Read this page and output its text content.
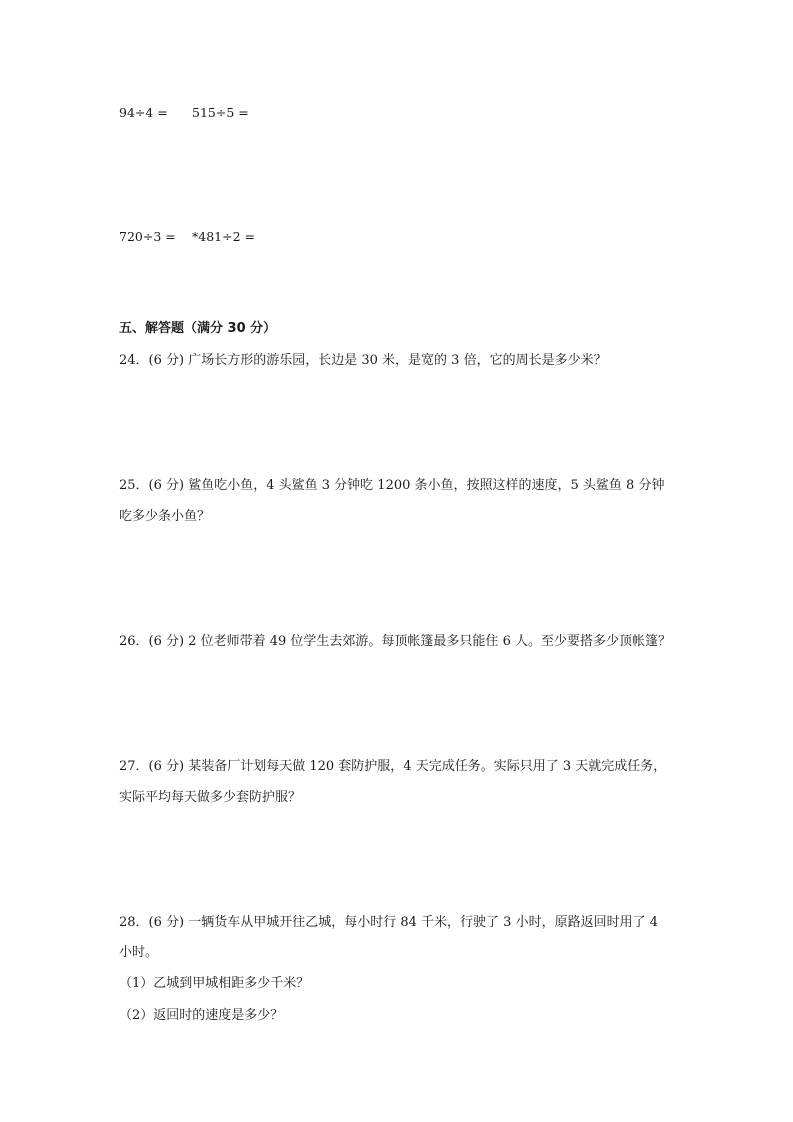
94÷4 = 515÷5 =
720÷3 = *481÷2 =
五、解答题（满分 30 分）
24．(6 分) 广场长方形的游乐园，长边是 30 米，是宽的 3 倍，它的周长是多少米？
25．(6 分) 鲨鱼吃小鱼，4 头鲨鱼 3 分钟吃 1200 条小鱼，按照这样的速度，5 头鲨鱼 8 分钟
吃多少条小鱼？
26．(6 分) 2 位老师带着 49 位学生去郊游。每顶帐篷最多只能住 6 人。至少要搭多少顶帐篷？
27．(6 分) 某装备厂计划每天做 120 套防护服，4 天完成任务。实际只用了 3 天就完成任务，
实际平均每天做多少套防护服？
28．(6 分) 一辆货车从甲城开往乙城，每小时行 84 千米，行驶了 3 小时，原路返回时用了 4
小时。
（1）乙城到甲城相距多少千米？
（2）返回时的速度是多少？
